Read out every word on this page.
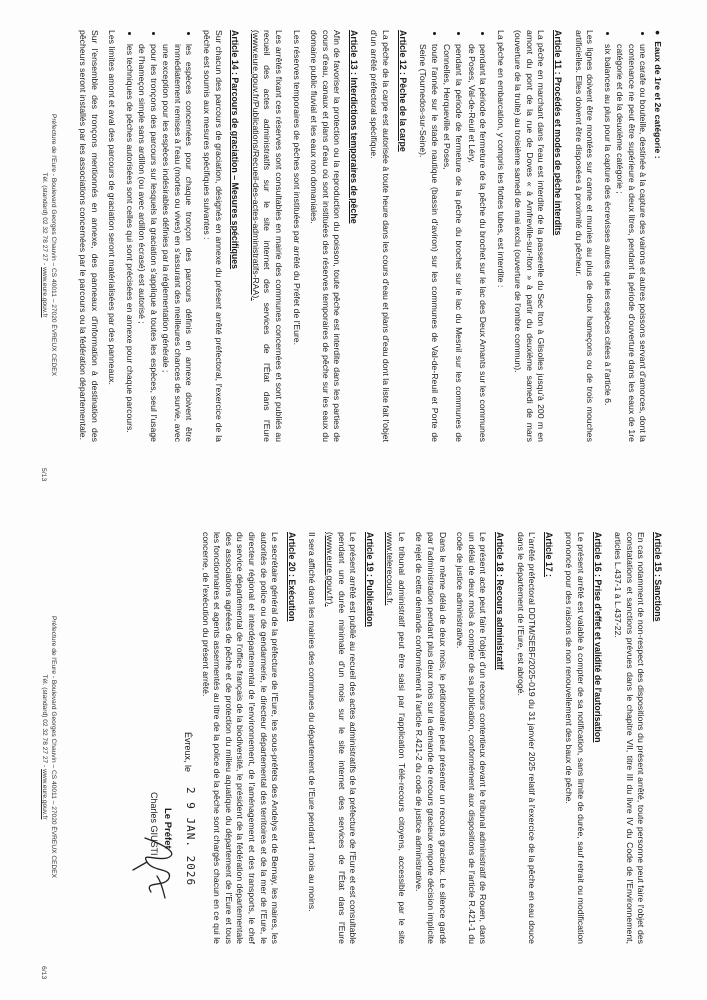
●Eaux de 1re et 2e catégorie :
• une carafe ou bouteille, destinée à la capture des vairons et autres poissons servant d'amorces, dont la contenance ne peut être supérieure à deux litres, pendant la période d'ouverture dans les eaux de 1re catégorie et de la deuxième catégorie ;
• six balances au plus pour la capture des écrevisses autres que les espèces citées à l'article 6.

Les lignes doivent être montées sur canne et munies au plus de deux hameçons ou de trois mouches artificielles. Elles doivent être disposées à proximité du pêcheur.

Article 11 : Procédés et modes de pêche interdits

La pêche en marchant dans l'eau est interdite de la passerelle du Sec Iton à Glisolles jusqu'à 200 m en amont du pont de la rue de Doves « à Amfreville-sur-Iton » à partir du deuxième samedi de mars (ouverture de la truite) au troisième samedi de mai exclu (ouverture de l'ombre commun).

La pêche en embarcation, y compris les flottes tubes, est interdite :

• pendant la période de fermeture de la pêche du brochet sur le lac des Deux Amants sur les communes de Poses, Val-de-Reuil et Léry,
• pendant la période de fermeture de la pêche du brochet sur le lac du Mesnil sur les communes de Connelles, Herqueville et Poses,
• toute l'année sur le stade nautique (bassin d'aviron) sur les communes de Val-de-Reuil et Porte de Seine (Tournedos-sur-Seine).
Article 12 : Pêche de la carpe

La pêche de la carpe est autorisée à toute heure dans les cours d'eau et plans d'eau dont la liste fait l'objet d'un arrêté préfectoral spécifique.

Article 13 : Interdictions temporaires de pêche

Afin de favoriser la protection ou la reproduction du poisson, toute pêche est interdite dans les parties de cours d'eau, canaux et plans d'eau où sont instituées des réserves temporaires de pêche sur les eaux du domaine public fluvial et les eaux non domaniales.

Les réserves temporaires de pêches sont instituées par arrêté du Préfet de l'Eure.

Les arrêtés fixant ces réserves sont consultables en mairie des communes concernées et sont publiés au recueil des actes administratifs sur le site internet des services de l'État dans l'Eure (www.eure.gouv.fr/Publications/Recueil-des-actes-administratifs-RAA).

Article 14 : Parcours de graciation – Mesures spécifiques

Sur chacun des parcours de graciation, désignés en annexe du présent arrêté préfectoral, l'exercice de la pêche est soumis aux mesures spécifiques suivantes :

• les espèces concernées pour chaque tronçon des parcours définis en annexe doivent être immédiatement remises à l'eau (mortes ou vives) en s'assurant des meilleures chances de survie, avec une exception pour les espèces indésirables définies par la réglementation générale ;
• pour les tronçons des parcours sur lesquels la graciation s'applique à toutes les espèces, seul l'usage de l'hameçon simple sans ardillon (ou avec ardillon écrasé) est autorisé ;
• les techniques de pêches autorisées sont celles qui sont précisées en annexe pour chaque parcours.

Les limites amont et aval des parcours de graciation seront matérialisées par des panneaux.

Sur l'ensemble des tronçons mentionnés en annexe, des panneaux d'information à destination des pêcheurs seront installés par les associations concernées par le parcours ou la fédération départementale.

Préfecture de l'Eure - Boulevard Georges Chauvin – CS 40011 – 27020 ÉVREUX CEDEX
Tél. (standard) 02 32 78 27 27 - www.eure.gouv.fr
5/13
Article 15 : Sanctions

En cas notamment de non-respect des dispositions du présent arrêté, toute personne peut faire l'objet des constatations et sanctions prévues dans le chapitre VII, titre III du livre IV du Code de l'Environnement, articles L.437-1 à L.437-22.

Article 16 : Prise d'effet et validité de l'autorisation

Le présent arrêté est valable à compter de sa notification, sans limite de durée, sauf retrait ou modification prononcé pour des raisons de non renouvellement des baux de pêche.

Article 17 :

L'arrêté préfectoral DDTM/SEBF/2025-019 du 31 janvier 2025 relatif à l'exercice de la pêche en eau douce dans le département de l'Eure, est abrogé.

Article 18 : Recours administratif

Le présent acte peut faire l'objet d'un recours contentieux devant le tribunal administratif de Rouen, dans un délai de deux mois à compter de sa publication, conformément aux dispositions de l'article R.421-1 du code de justice administrative.

Dans le même délai de deux mois, le pétitionnaire peut présenter un recours gracieux. Le silence gardé par l'administration pendant plus deux mois sur la demande de recours gracieux emporte décision implicite de rejet de cette demande conformément à l'article R.421-2 du code de justice administrative.

Le tribunal administratif peut être saisi par l'application Télé-recours citoyens, accessible par le site www.telerecours.fr.

Article 19 : Publication

Le présent arrêté est publié au recueil des actes administratifs de la préfecture de l'Eure et est consultable pendant une durée minimale d'un mois sur le site internet des services de l'État dans l'Eure (www.eure.gouv.fr).

Il sera affiché dans les mairies des communes du département de l'Eure pendant 1 mois au moins.

Article 20 : Exécution

Le secrétaire général de la préfecture de l'Eure, les sous-préfets des Andelys et de Bernay, les maires, les autorités de police ou de gendarmerie, le directeur départemental des territoires et de la mer de l'Eure, le directeur régional et interdépartemental de l'environnement, de l'aménagement et des transports, le chef du service départemental de l'office français de la biodiversité, le président de la fédération départementale des associations agréées de pêche et de protection du milieu aquatique du département de l'Eure et tous les fonctionnaires et agents assermentés au titre de la police de la pêche sont chargés chacun en ce qui le concerne, de l'exécution du présent arrêté.

Évreux, le
2 9 JAN. 2026
Le Préfet
Charles GIUSTI
Préfecture de l'Eure - Boulevard Georges Chauvin – CS 40011 – 27020 ÉVREUX CEDEX
Tél. (standard) 02 32 78 27 27 - www.eure.gouv.fr
6/13
